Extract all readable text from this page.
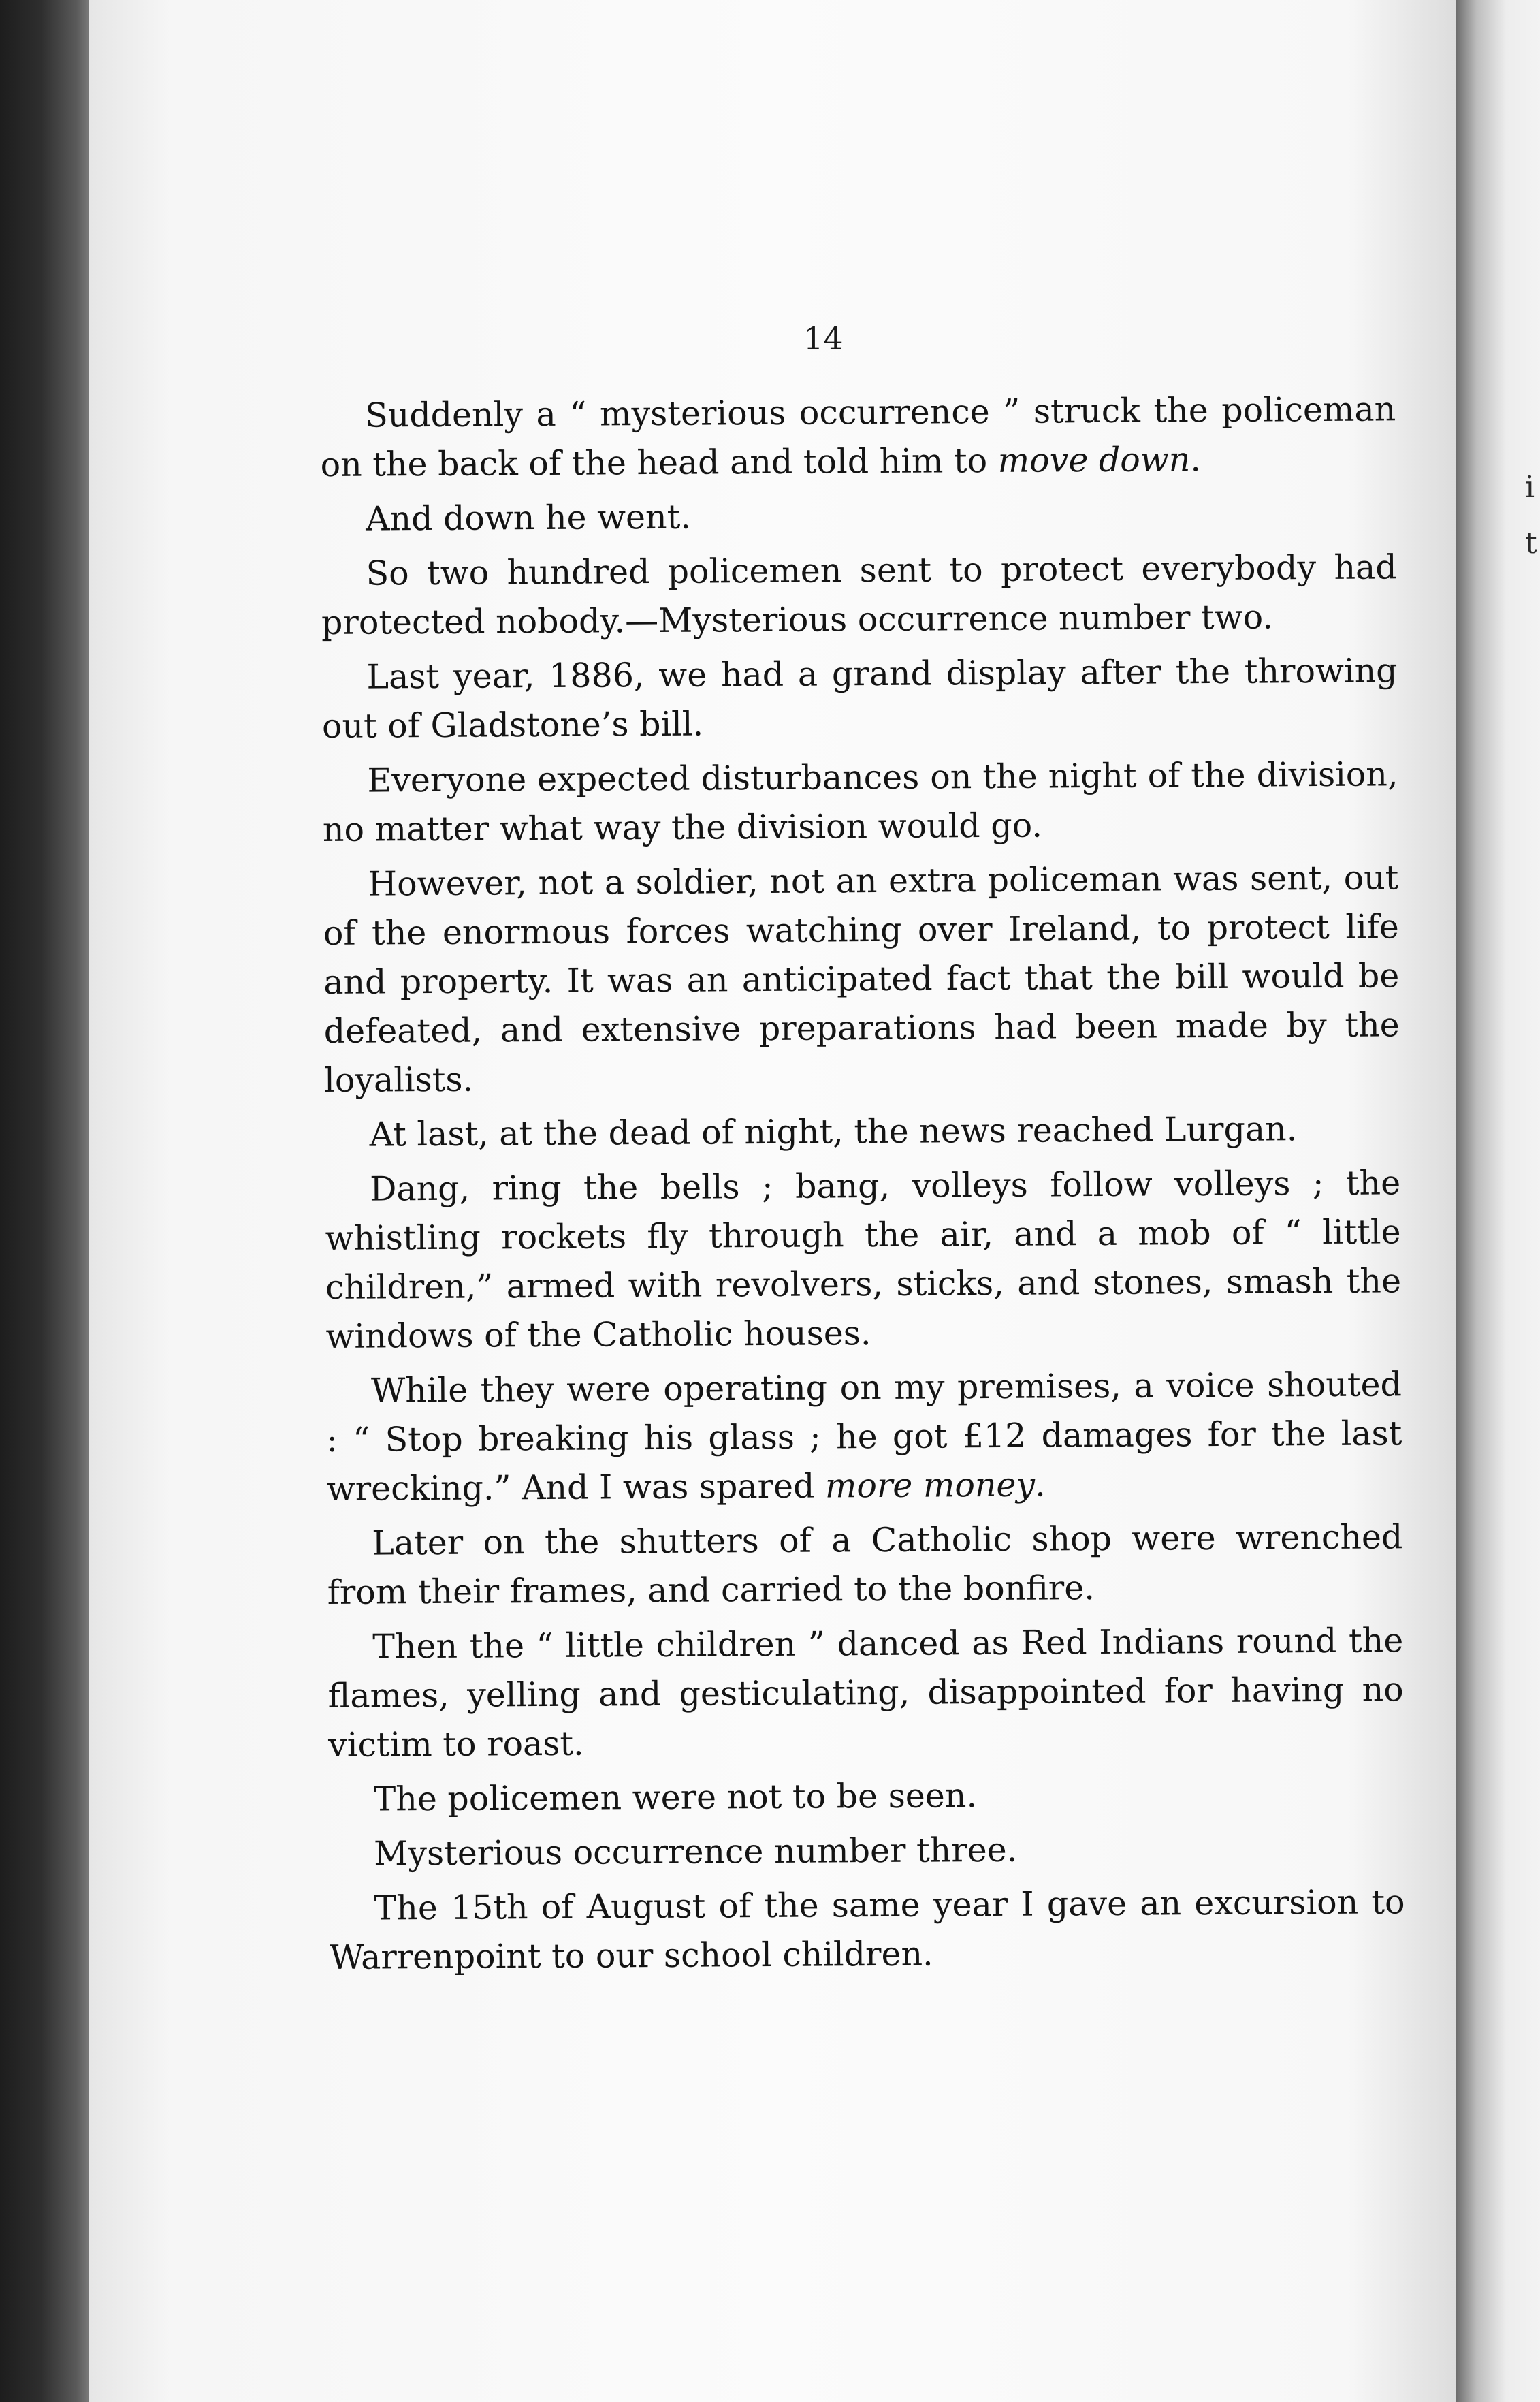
i
t
14

Suddenly a “ mysterious occurrence ” struck the policeman on the back of the head and told him to move down.

And down he went.

So two hundred policemen sent to protect everybody had protected nobody.—Mysterious occurrence number two.

Last year, 1886, we had a grand display after the throwing out of Gladstone’s bill.

Everyone expected disturbances on the night of the division, no matter what way the division would go.

However, not a soldier, not an extra policeman was sent, out of the enormous forces watching over Ireland, to protect life and property. It was an anticipated fact that the bill would be defeated, and extensive preparations had been made by the loyalists.

At last, at the dead of night, the news reached Lurgan.

Dang, ring the bells ; bang, volleys follow volleys ; the whistling rockets fly through the air, and a mob of “ little children,” armed with revolvers, sticks, and stones, smash the windows of the Catholic houses.

While they were operating on my premises, a voice shouted : “ Stop breaking his glass ; he got £12 damages for the last wrecking.” And I was spared more money.

Later on the shutters of a Catholic shop were wrenched from their frames, and carried to the bonfire.

Then the “ little children ” danced as Red Indians round the flames, yelling and gesticulating, disappointed for having no victim to roast.

The policemen were not to be seen.

Mysterious occurrence number three.

The 15th of August of the same year I gave an excursion to Warrenpoint to our school children.
